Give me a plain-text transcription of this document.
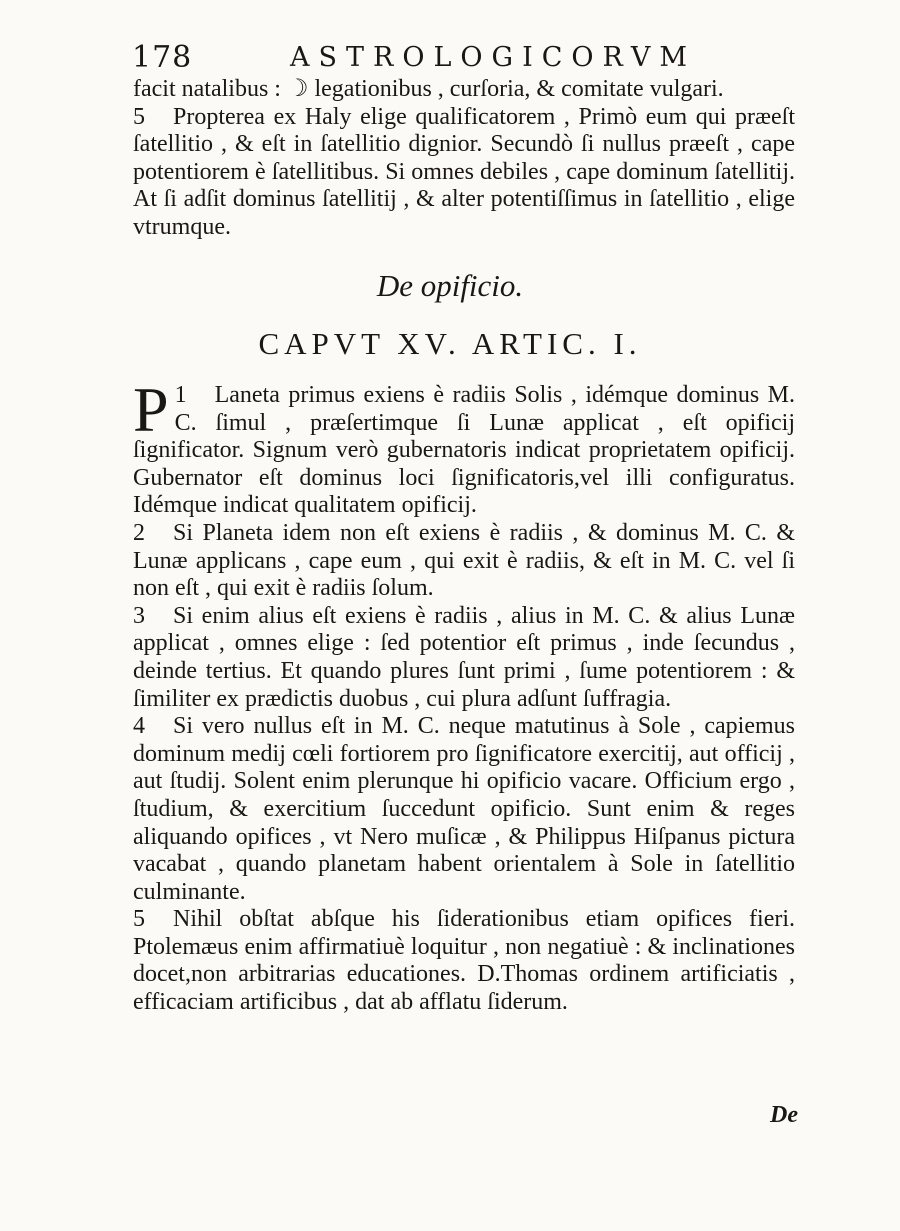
178	ASTROLOGICORVM

facit natalibus : ☽ legationibus , curſoria, & comitate vulgari.

5 Propterea ex Haly elige qualificatorem , Primò eum qui præeſt ſatellitio , & eſt in ſatellitio dignior. Secundò ſi nullus præeſt , cape potentiorem è ſatellitibus. Si omnes debiles , cape dominum ſatellitij. At ſi adſit dominus ſatellitij , & alter potentiſſimus in ſatellitio , elige vtrumque.

De opificio.
CAPVT XV. ARTIC. I.

1
P Laneta primus exiens è radiis Solis , idémque dominus M. C. ſimul , præſertimque ſi Lunæ applicat , eſt opificij ſignificator. Signum verò gubernatoris indicat proprietatem opificij. Gubernator eſt dominus loci ſignificatoris,vel illi configuratus. Idémque indicat qualitatem opificij.

2 Si Planeta idem non eſt exiens è radiis , & dominus M. C. & Lunæ applicans , cape eum , qui exit è radiis, & eſt in M. C. vel ſi non eſt , qui exit è radiis ſolum.

3 Si enim alius eſt exiens è radiis , alius in M. C. & alius Lunæ applicat , omnes elige : ſed potentior eſt primus , inde ſecundus , deinde tertius. Et quando plures ſunt primi , ſume potentiorem : & ſimiliter ex prædictis duobus , cui plura adſunt ſuffragia.

4 Si vero nullus eſt in M. C. neque matutinus à Sole , capiemus dominum medij cœli fortiorem pro ſignificatore exercitij, aut officij , aut ſtudij. Solent enim plerunque hi opificio vacare. Officium ergo , ſtudium, & exercitium ſuccedunt opificio. Sunt enim & reges aliquando opifices , vt Nero muſicæ , & Philippus Hiſpanus pictura vacabat , quando planetam habent orientalem à Sole in ſatellitio culminante.

5 Nihil obſtat abſque his ſiderationibus etiam opifices fieri. Ptolemæus enim affirmatiuè loquitur , non negatiuè : & inclinationes docet,non arbitrarias educationes. D.Thomas ordinem artificiatis , efficaciam artificibus , dat ab afflatu ſiderum.

De
